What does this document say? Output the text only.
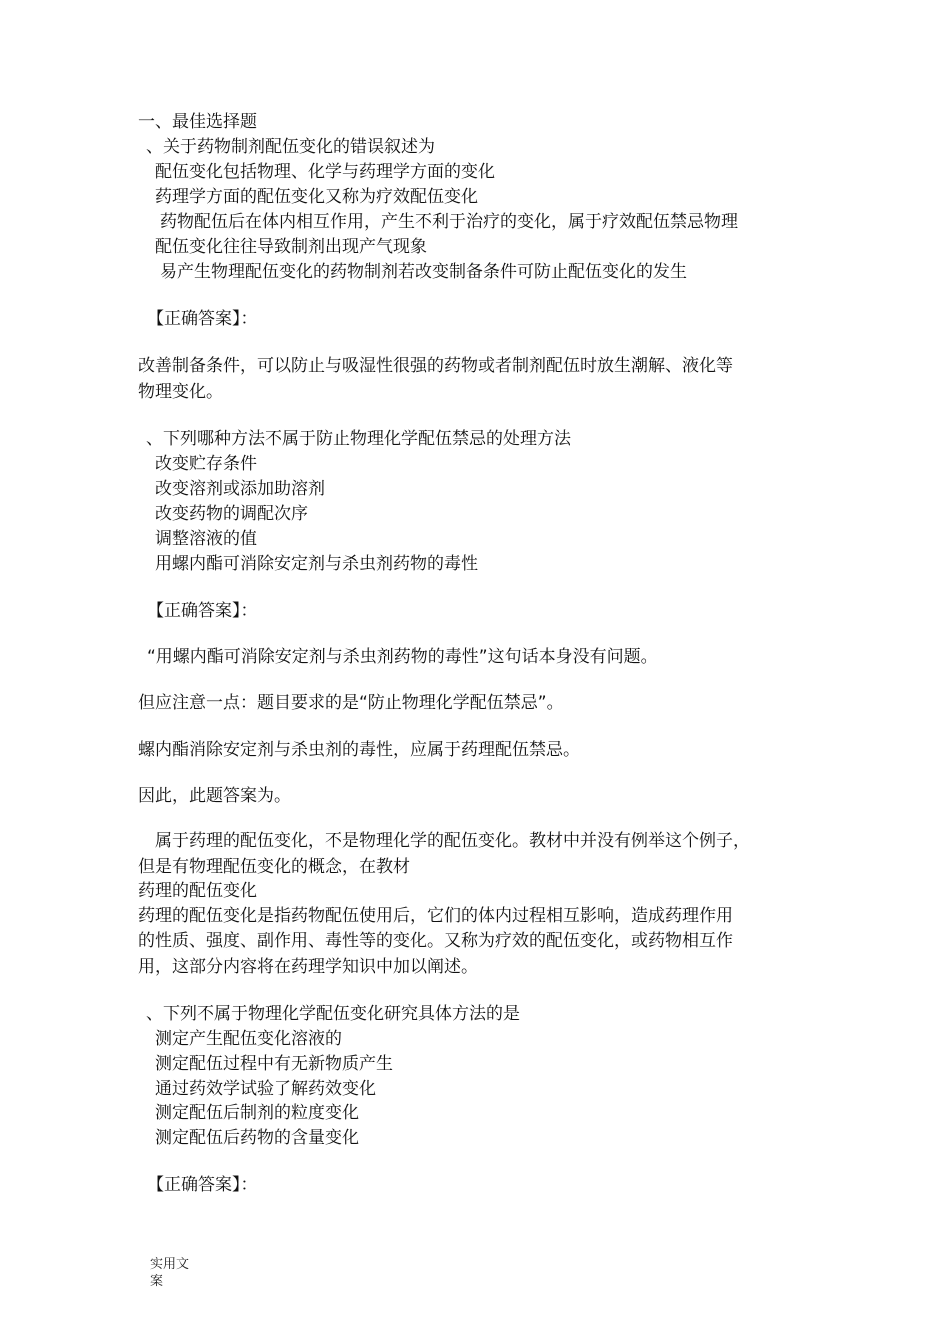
一、最佳选择题
、关于药物制剂配伍变化的错误叙述为
配伍变化包括物理、化学与药理学方面的变化
药理学方面的配伍变化又称为疗效配伍变化
药物配伍后在体内相互作用，产生不利于治疗的变化，属于疗效配伍禁忌物理
配伍变化往往导致制剂出现产气现象
易产生物理配伍变化的药物制剂若改变制备条件可防止配伍变化的发生
【正确答案】：
改善制备条件，可以防止与吸湿性很强的药物或者制剂配伍时放生潮解、液化等
物理变化。
、下列哪种方法不属于防止物理化学配伍禁忌的处理方法
改变贮存条件
改变溶剂或添加助溶剂
改变药物的调配次序
调整溶液的值
用螺内酯可消除安定剂与杀虫剂药物的毒性
【正确答案】：
“用螺内酯可消除安定剂与杀虫剂药物的毒性”这句话本身没有问题。
但应注意一点：题目要求的是“防止物理化学配伍禁忌”。
螺内酯消除安定剂与杀虫剂的毒性，应属于药理配伍禁忌。
因此，此题答案为。
属于药理的配伍变化，不是物理化学的配伍变化。教材中并没有例举这个例子，
但是有物理配伍变化的概念，在教材
药理的配伍变化
药理的配伍变化是指药物配伍使用后，它们的体内过程相互影响，造成药理作用
的性质、强度、副作用、毒性等的变化。又称为疗效的配伍变化，或药物相互作
用，这部分内容将在药理学知识中加以阐述。
、下列不属于物理化学配伍变化研究具体方法的是
测定产生配伍变化溶液的
测定配伍过程中有无新物质产生
通过药效学试验了解药效变化
测定配伍后制剂的粒度变化
测定配伍后药物的含量变化
【正确答案】：
实用文
案
